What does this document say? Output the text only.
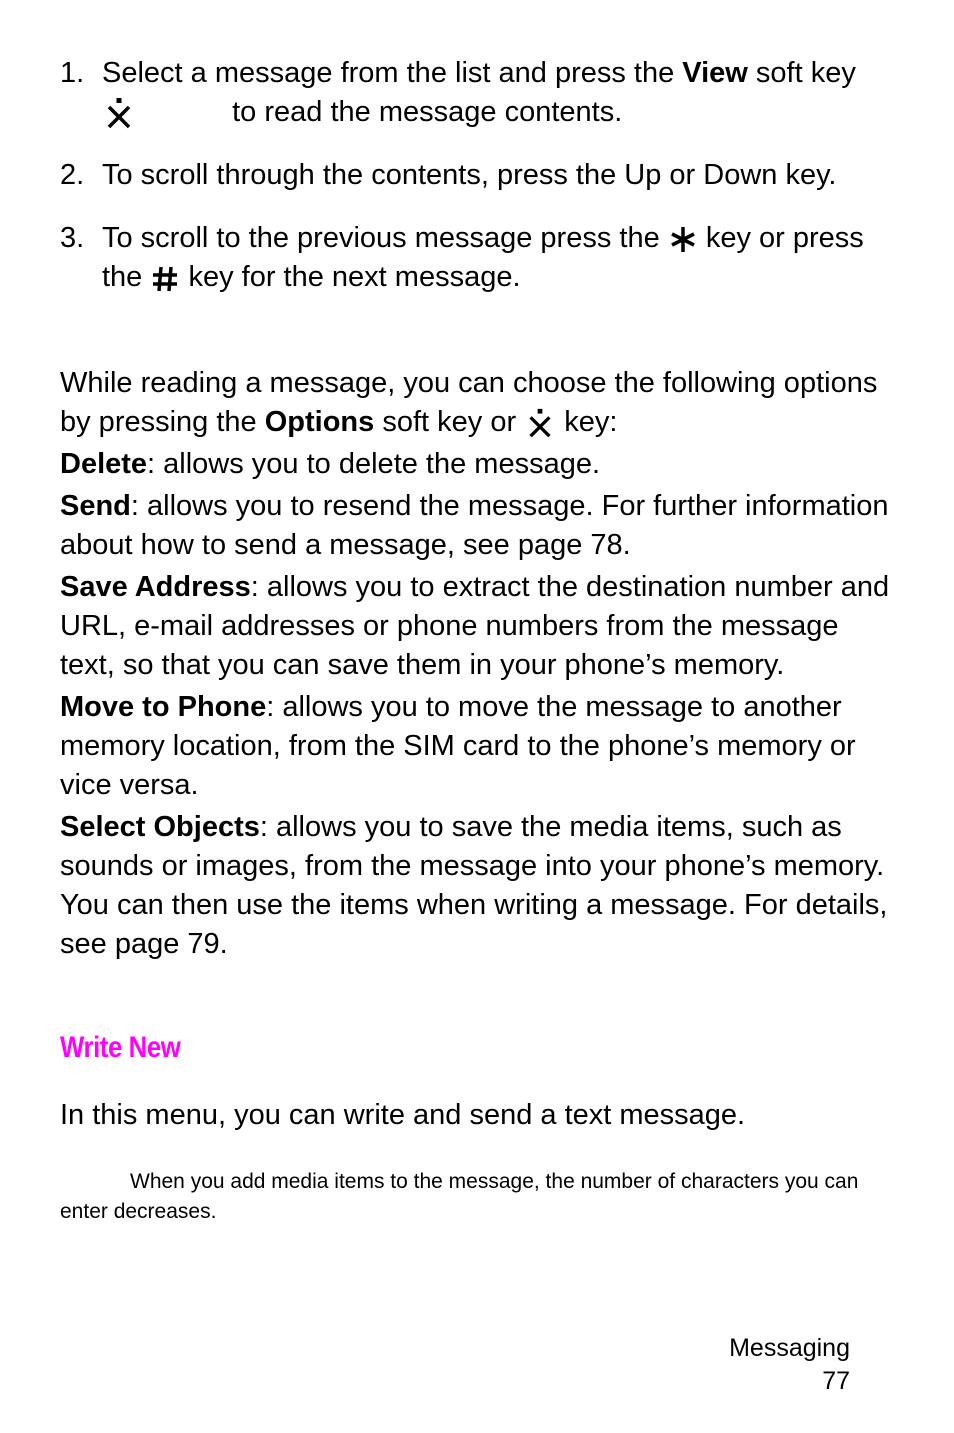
1. Select a message from the list and press the View soft key
to read the message contents.
2. To scroll through the contents, press the Up or Down key.
3. To scroll to the previous message press the key or press the key for the next message.

While reading a message, you can choose the following options by pressing the Options soft key or key:

Delete: allows you to delete the message.

Send: allows you to resend the message. For further information about how to send a message, see page 78.

Save Address: allows you to extract the destination number and URL, e-mail addresses or phone numbers from the message text, so that you can save them in your phone’s memory.

Move to Phone: allows you to move the message to another memory location, from the SIM card to the phone’s memory or vice versa.

Select Objects: allows you to save the media items, such as sounds or images, from the message into your phone’s memory. You can then use the items when writing a message. For details, see page 79.

Write New

In this menu, you can write and send a text message.

When you add media items to the message, the number of characters you can enter decreases.

Messaging
77
